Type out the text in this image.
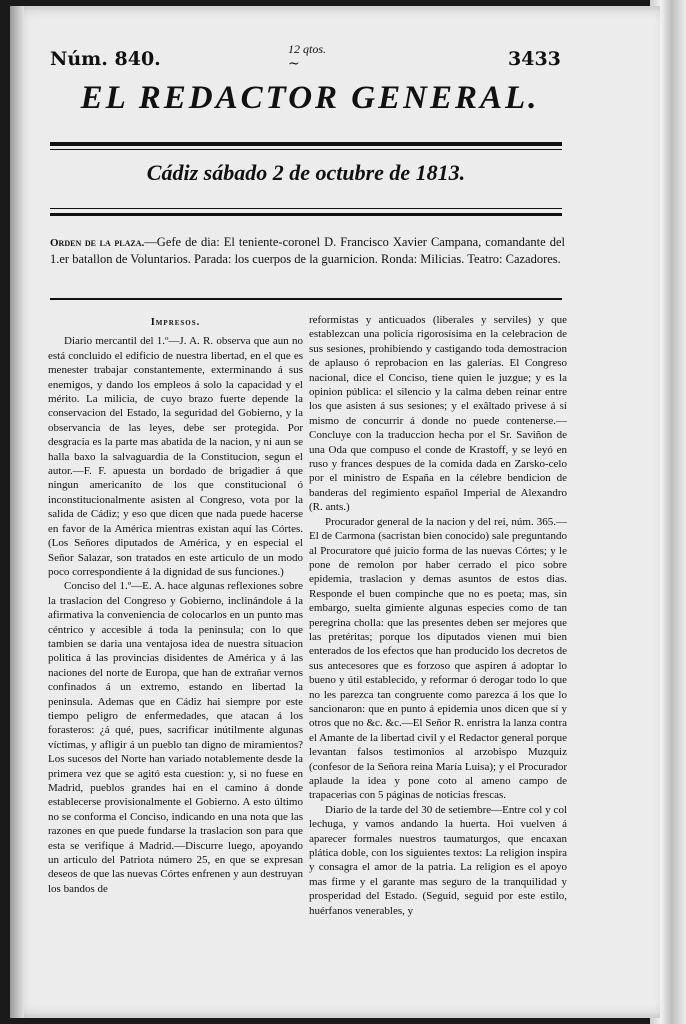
Núm. 840.	12 qtos.
~	3433
EL REDACTOR GENERAL.
Cádiz sábado 2 de octubre de 1813.
Orden de la plaza.—Gefe de dia: El teniente-coronel D. Francisco Xavier Campana, comandante del 1.er batallon de Voluntarios. Parada: los cuerpos de la guarnicion. Ronda: Milicias. Teatro: Cazadores.
Impresos.

Diario mercantil del 1.º—J. A. R. observa que aun no está concluido el edificio de nuestra libertad, en el que es menester trabajar constantemente, exterminando á sus enemigos, y dando los empleos á solo la capacidad y el mérito. La milicia, de cuyo brazo fuerte depende la conservacion del Estado, la seguridad del Gobierno, y la observancia de las leyes, debe ser protegida. Por desgracia es la parte mas abatida de la nacion, y ni aun se halla baxo la salvaguardia de la Constitucion, segun el autor.—F. F. apuesta un bordado de brigadier á que ningun americanito de los que constitucional ó inconstitucionalmente asisten al Congreso, vota por la salida de Cádiz; y eso que dicen que nada puede hacerse en favor de la América mientras existan aquí las Córtes. (Los Señores diputados de América, y en especial el Señor Salazar, son tratados en este articulo de un modo poco correspondiente á la dignidad de sus funciones.)

Conciso del 1.º—E. A. hace algunas reflexiones sobre la traslacion del Congreso y Gobierno, inclinándole á la afirmativa la conveniencia de colocarlos en un punto mas céntrico y accesible á toda la peninsula; con lo que tambien se daria una ventajosa idea de nuestra situacion politica á las provincias disidentes de América y á las naciones del norte de Europa, que han de extrañar vernos confinados á un extremo, estando en libertad la peninsula. Ademas que en Cádiz hai siempre por este tiempo peligro de enfermedades, que atacan á los forasteros: ¿á qué, pues, sacrificar inútilmente algunas víctimas, y afligir á un pueblo tan digno de miramientos? Los sucesos del Norte han variado notablemente desde la primera vez que se agitó esta cuestion: y, si no fuese en Madrid, pueblos grandes hai en el camino á donde establecerse provisionalmente el Gobierno. A esto último no se conforma el Conciso, indicando en una nota que las razones en que puede fundarse la traslacion son para que esta se verifique á Madrid.—Discurre luego, apoyando un articulo del Patriota número 25, en que se expresan deseos de que las nuevas Córtes enfrenen y aun destruyan los bandos de

reformistas y anticuados (liberales y serviles) y que establezcan una policía rigorosísima en la celebracion de sus sesiones, prohibiendo y castigando toda demostracion de aplauso ó reprobacion en las galerías. El Congreso nacional, dice el Conciso, tiene quien le juzgue; y es la opinion pública: el silencio y la calma deben reinar entre los que asisten á sus sesiones; y el exâltado privese á sí mismo de concurrir á donde no puede contenerse.—Concluye con la traduccion hecha por el Sr. Saviñon de una Oda que compuso el conde de Krastoff, y se leyó en ruso y frances despues de la comida dada en Zarsko-celo por el ministro de España en la célebre bendicion de banderas del regimiento español Imperial de Alexandro (R. ants.)

Procurador general de la nacion y del rei, núm. 365.—El de Carmona (sacristan bien conocido) sale preguntando al Procuratore qué juicio forma de las nuevas Córtes; y le pone de remolon por haber cerrado el pico sobre epidemia, traslacion y demas asuntos de estos dias. Responde el buen compinche que no es poeta; mas, sin embargo, suelta gimiente algunas especies como de tan peregrina cholla: que las presentes deben ser mejores que las pretéritas; porque los diputados vienen mui bien enterados de los efectos que han producido los decretos de sus antecesores que es forzoso que aspiren á adoptar lo bueno y útil establecido, y reformar ó derogar todo lo que no les parezca tan congruente como parezca á los que lo sancionaron: que en punto á epidemia unos dicen que sí y otros que no &c. &c.—El Señor R. enristra la lanza contra el Amante de la libertad civil y el Redactor general porque levantan falsos testimonios al arzobispo Muzquiz (confesor de la Señora reina María Luisa); y el Procurador aplaude la idea y pone coto al ameno campo de trapacerias con 5 páginas de noticias frescas.

Diario de la tarde del 30 de setiembre—Entre col y col lechuga, y vamos andando la huerta. Hoi vuelven á aparecer formales nuestros taumaturgos, que encaxan plática doble, con los siguientes textos: La religion inspira y consagra el amor de la patria. La religion es el apoyo mas firme y el garante mas seguro de la tranquilidad y prosperidad del Estado. (Seguid, seguid por este estilo, huérfanos venerables, y
